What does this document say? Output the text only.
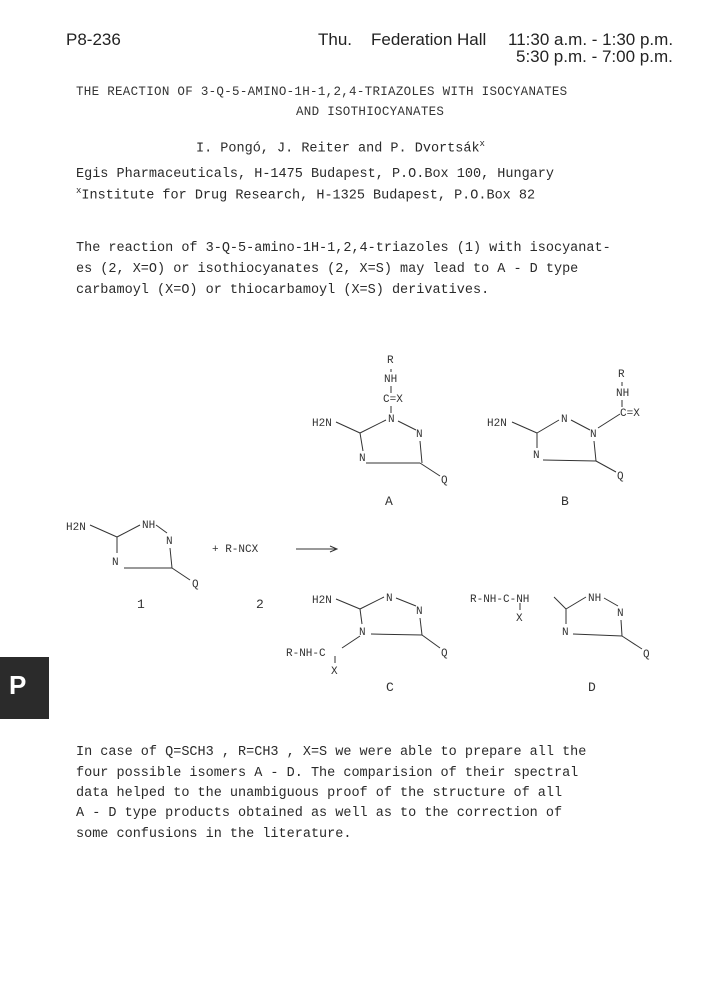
P8-236	Thu. Federation Hall 11:30 a.m. - 1:30 p.m.
5:30 p.m. - 7:00 p.m.
THE REACTION OF 3-Q-5-AMINO-1H-1,2,4-TRIAZOLES WITH ISOCYANATES
AND ISOTHIOCYANATES
I. Pongó, J. Reiter and P. Dvortsák$^x$
Egis Pharmaceuticals, H-1475 Budapest, P.O.Box 100, Hungary
$^x$Institute for Drug Research, H-1325 Budapest, P.O.Box 82
The reaction of 3-Q-5-amino-1H-1,2,4-triazoles (1) with isocyanat-
es (2, X=O) or isothiocyanates (2, X=S) may lead to A - D type
carbamoyl (X=O) or thiocarbamoyl (X=S) derivatives.
R
NH
C=X
H2N	N
N
N
Q
A
R
NH
C=X
H2N	N
N
N
Q
B
H2N	NH
N
N
Q
1
+ R-NCX
2	H2N	N
N
N
Q
R-NH-C
X
C
R-NH-C-NH
X
NH
N
N
Q
D
P
In case of Q=SCH3 , R=CH3 , X=S we were able to prepare all the
four possible isomers A - D. The comparision of their spectral
data helped to the unambiguous proof of the structure of all
A - D type products obtained as well as to the correction of
some confusions in the literature.
